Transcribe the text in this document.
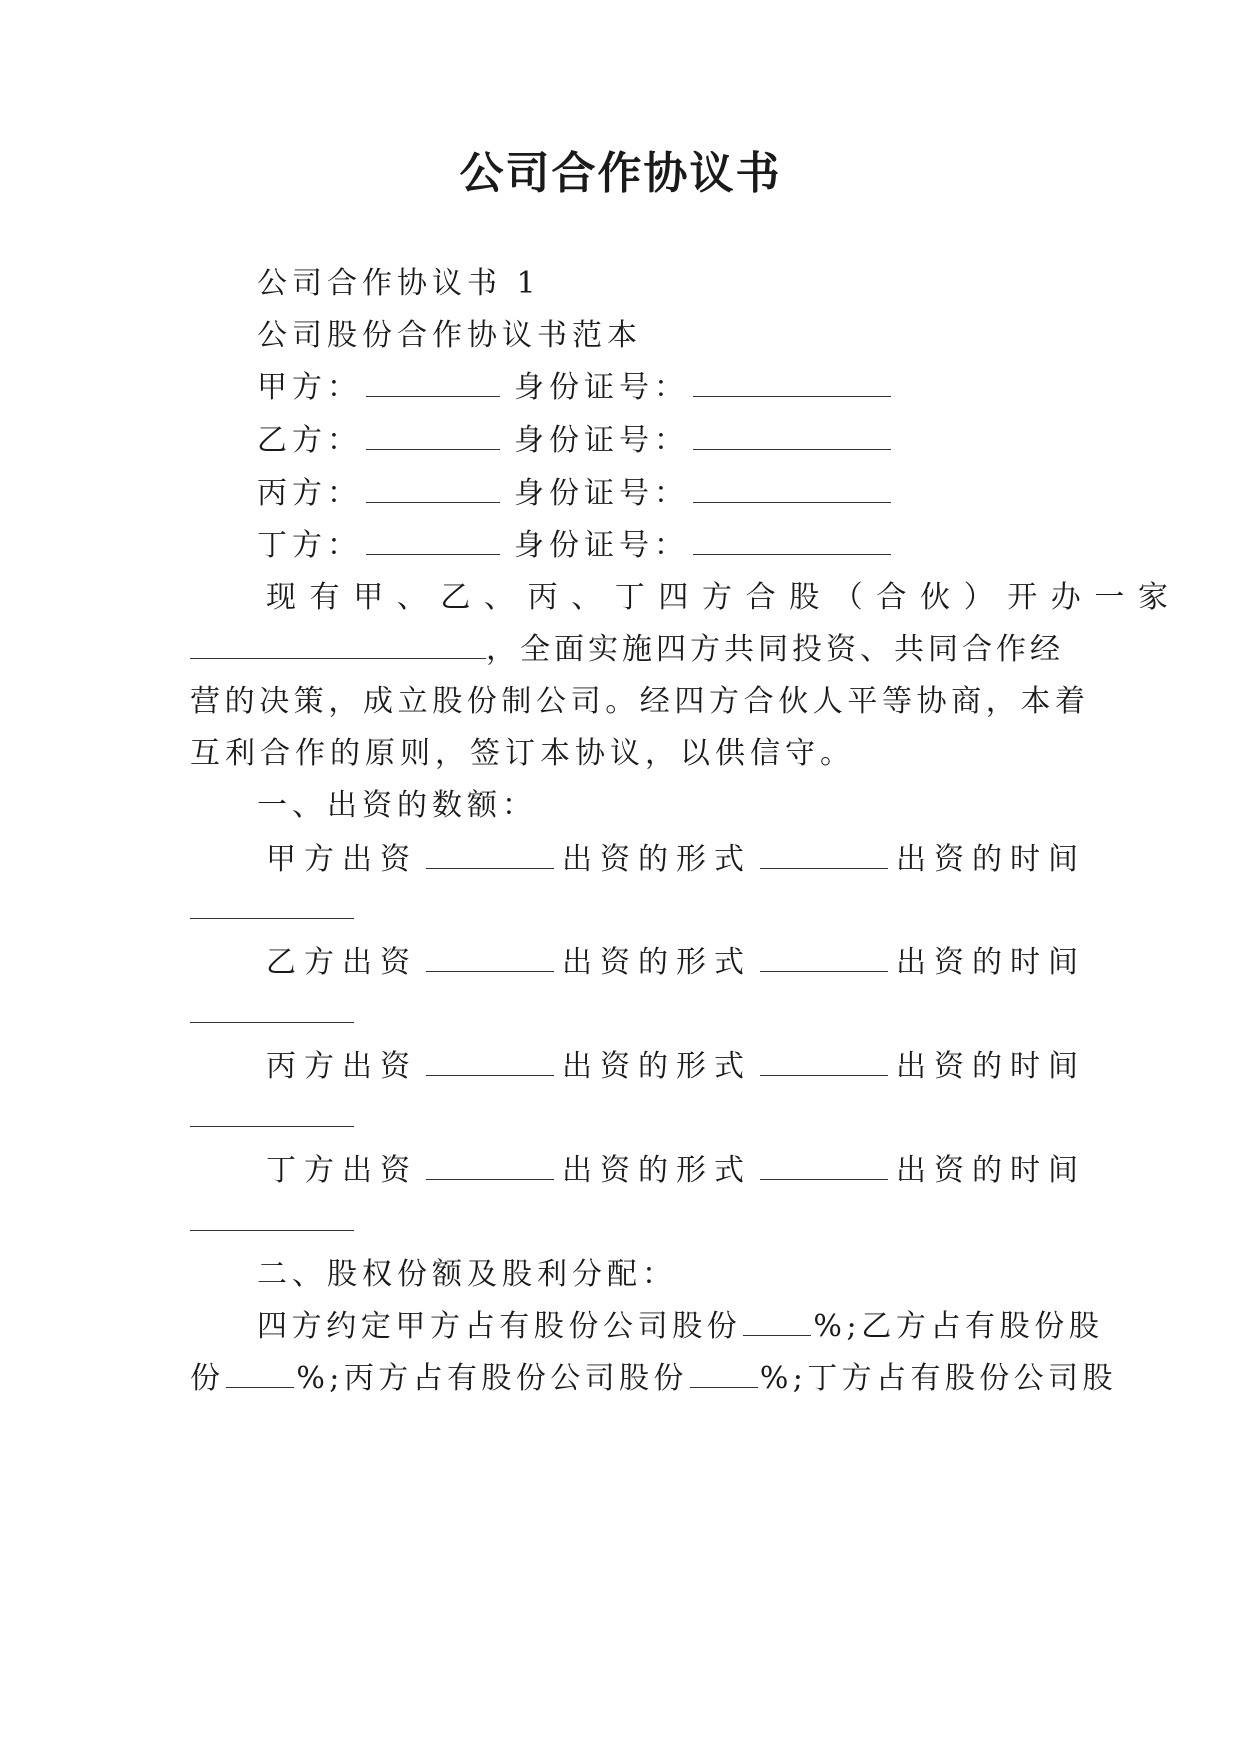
公司合作协议书
公司合作协议书 1
公司股份合作协议书范本
甲方：	身份证号：
乙方：	身份证号：
丙方：	身份证号：
丁方：	身份证号：
现有甲、乙、丙、丁四方合股（合伙）开办一家
，全面实施四方共同投资、共同合作经
营的决策，成立股份制公司。经四方合伙人平等协商，本着
互利合作的原则，签订本协议，以供信守。
一、出资的数额：
甲方出资	出资的形式	出资的时间
乙方出资	出资的形式	出资的时间
丙方出资	出资的形式	出资的时间
丁方出资	出资的形式	出资的时间
二、股权份额及股利分配：
四方约定甲方占有股份公司股份 %;乙方占有股份股
份 %;丙方占有股份公司股份 %;丁方占有股份公司股
